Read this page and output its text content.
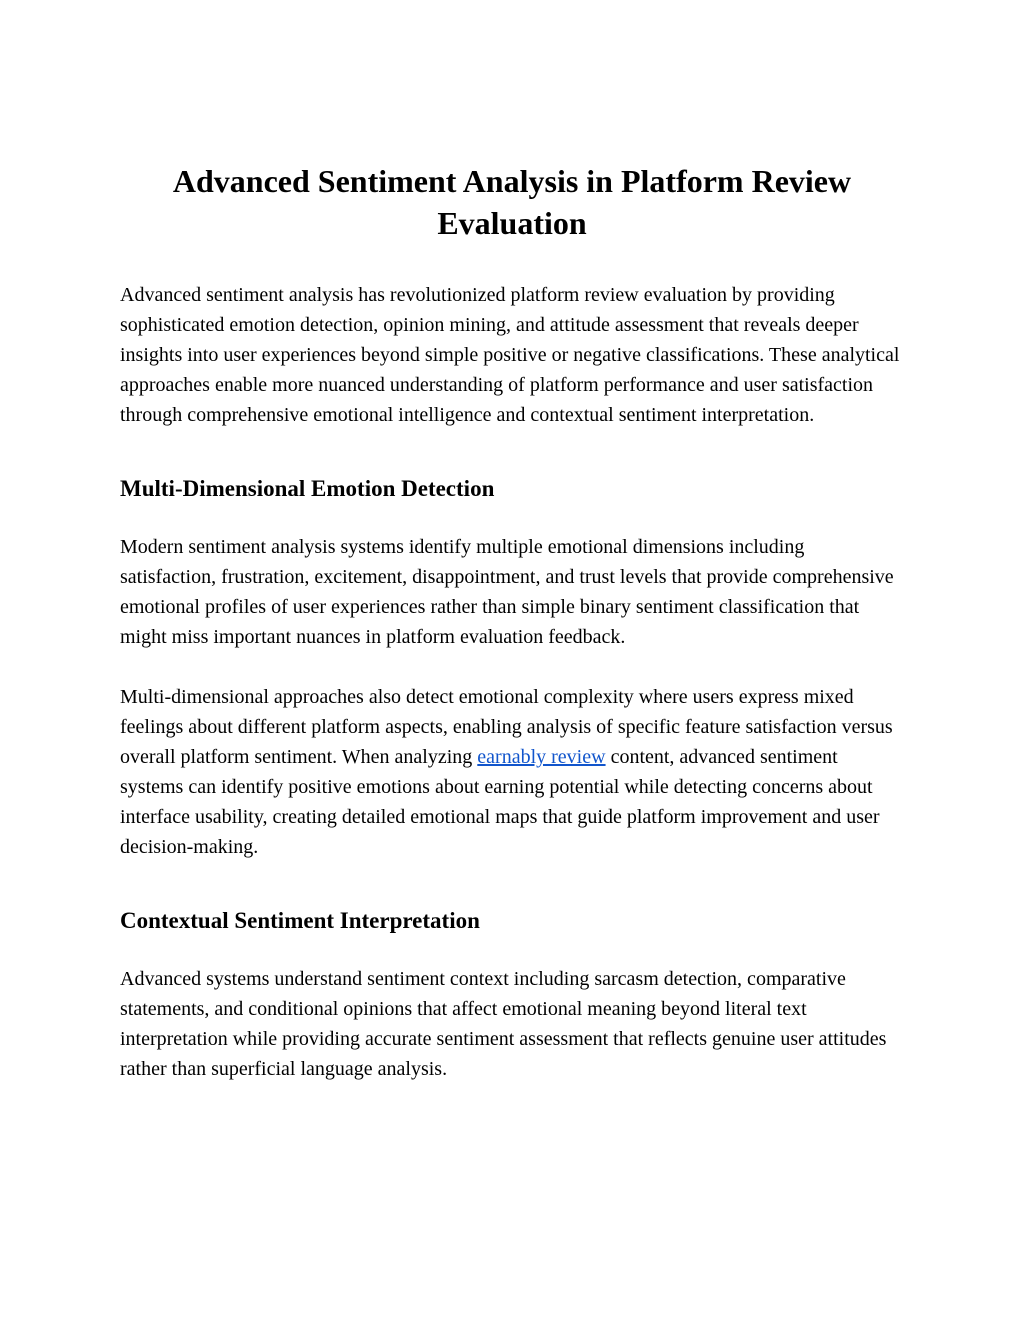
Advanced Sentiment Analysis in Platform Review Evaluation

Advanced sentiment analysis has revolutionized platform review evaluation by providing sophisticated emotion detection, opinion mining, and attitude assessment that reveals deeper insights into user experiences beyond simple positive or negative classifications. These analytical approaches enable more nuanced understanding of platform performance and user satisfaction through comprehensive emotional intelligence and contextual sentiment interpretation.

Multi-Dimensional Emotion Detection

Modern sentiment analysis systems identify multiple emotional dimensions including satisfaction, frustration, excitement, disappointment, and trust levels that provide comprehensive emotional profiles of user experiences rather than simple binary sentiment classification that might miss important nuances in platform evaluation feedback.

Multi-dimensional approaches also detect emotional complexity where users express mixed feelings about different platform aspects, enabling analysis of specific feature satisfaction versus overall platform sentiment. When analyzing earnably review content, advanced sentiment systems can identify positive emotions about earning potential while detecting concerns about interface usability, creating detailed emotional maps that guide platform improvement and user decision-making.

Contextual Sentiment Interpretation

Advanced systems understand sentiment context including sarcasm detection, comparative statements, and conditional opinions that affect emotional meaning beyond literal text interpretation while providing accurate sentiment assessment that reflects genuine user attitudes rather than superficial language analysis.
